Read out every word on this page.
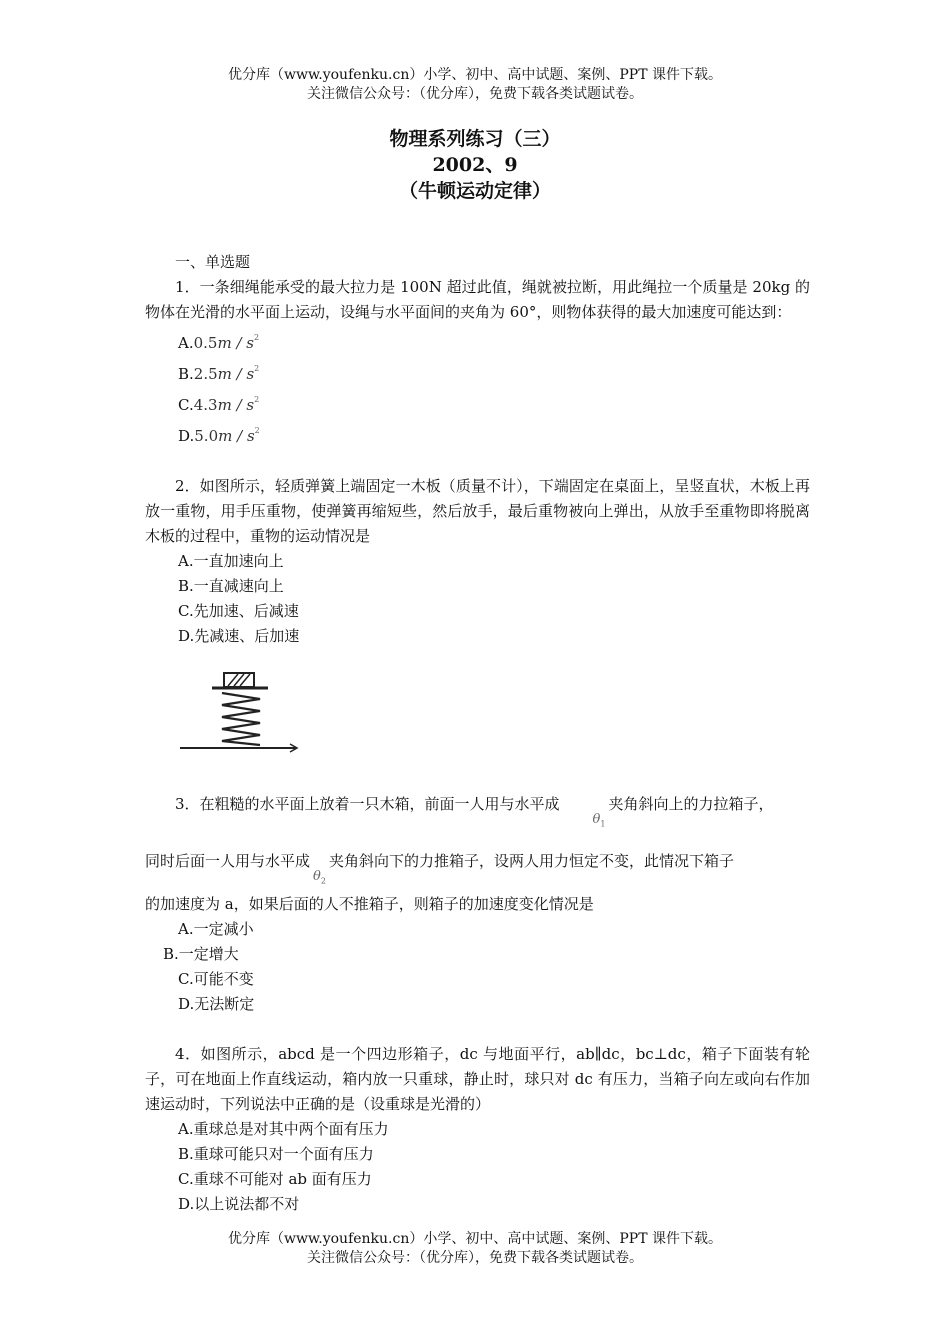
优分库（www.youfenku.cn）小学、初中、高中试题、案例、PPT 课件下载。
关注微信公众号：（优分库），免费下载各类试题试卷。
物理系列练习（三）
2002、9
（牛顿运动定律）

一、单选题

1．一条细绳能承受的最大拉力是 100N 超过此值，绳就被拉断，用此绳拉一个质量是 20kg 的物体在光滑的水平面上运动，设绳与水平面间的夹角为 60°，则物体获得的最大加速度可能达到：

$A.0.5m / s^2$

$B.2.5m / s^2$

$C.4.3m / s^2$

$D.5.0m / s^2$

2．如图所示，轻质弹簧上端固定一木板（质量不计），下端固定在桌面上，呈竖直状，木板上再放一重物，用手压重物，使弹簧再缩短些，然后放手，最后重物被向上弹出，从放手至重物即将脱离木板的过程中，重物的运动情况是

A.一直加速向上

B.一直减速向上

C.先加速、后减速

D.先减速、后加速

3．在粗糙的水平面上放着一只木箱，前面一人用与水平成$\theta_1$夹角斜向上的力拉箱子，

同时后面一人用与水平成$\theta_2$夹角斜向下的力推箱子，设两人用力恒定不变，此情况下箱子

的加速度为 a，如果后面的人不推箱子，则箱子的加速度变化情况是

A.一定减小

B.一定增大

C.可能不变

D.无法断定

4．如图所示，abcd 是一个四边形箱子，dc 与地面平行，ab∥dc，bc⊥dc，箱子下面装有轮子，可在地面上作直线运动，箱内放一只重球，静止时，球只对 dc 有压力，当箱子向左或向右作加速运动时，下列说法中正确的是（设重球是光滑的）

A.重球总是对其中两个面有压力

B.重球可能只对一个面有压力

C.重球不可能对 ab 面有压力

D.以上说法都不对

优分库（www.youfenku.cn）小学、初中、高中试题、案例、PPT 课件下载。
关注微信公众号：（优分库），免费下载各类试题试卷。
